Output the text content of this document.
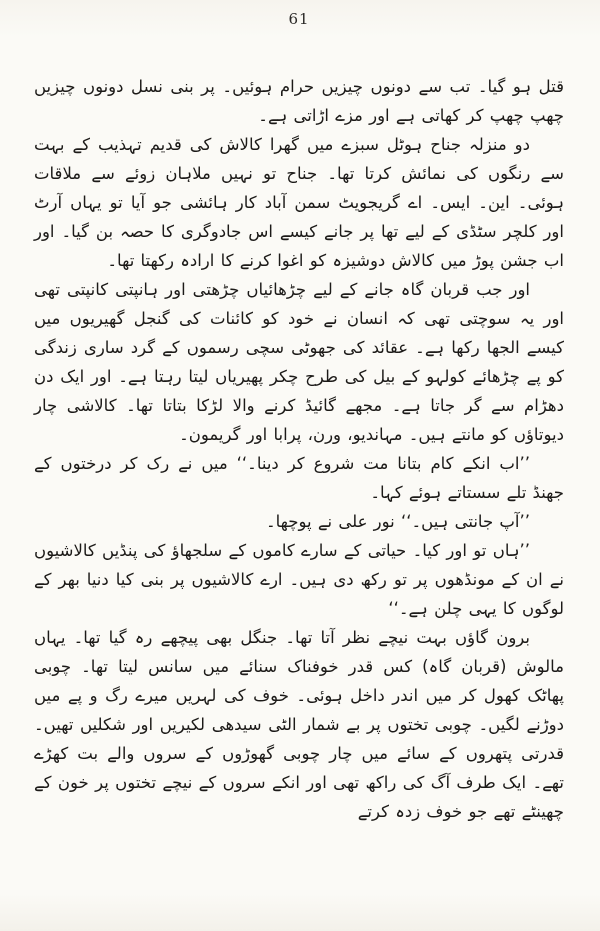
61

قتل ہو گیا۔ تب سے دونوں چیزیں حرام ہوئیں۔ پر بنی نسل دونوں چیزیں چھپ چھپ کر کھاتی ہے اور مزے اڑاتی ہے۔

دو منزلہ جناح ہوٹل سبزے میں گھرا کالاش کی قدیم تہذیب کے بہت سے رنگوں کی نمائش کرتا تھا۔ جناح تو نہیں ملاہان زوئے سے ملاقات ہوئی۔ این۔ ایس۔ اے گریجویٹ سمن آباد کار ہائشی جو آیا تو یہاں آرٹ اور کلچر سٹڈی کے لیے تھا پر جانے کیسے اس جادوگری کا حصہ بن گیا۔ اور اب جشن پوڑ میں کالاش دوشیزہ کو اغوا کرنے کا ارادہ رکھتا تھا۔

اور جب قربان گاہ جانے کے لیے چڑھائیاں چڑھتی اور ہانپتی کانپتی تھی اور یہ سوچتی تھی کہ انسان نے خود کو کائنات کی گنجل گھیریوں میں کیسے الجھا رکھا ہے۔ عقائد کی جھوٹی سچی رسموں کے گرد ساری زندگی کو پے چڑھائے کولہو کے بیل کی طرح چکر پھیریاں لیتا رہتا ہے۔ اور ایک دن دھڑام سے گر جاتا ہے۔ مجھے گائیڈ کرنے والا لڑکا بتاتا تھا۔ کالاشی چار دیوتاؤں کو مانتے ہیں۔ مہاندیو، ورن، پرابا اور گریمون۔

’’اب انکے کام بتانا مت شروع کر دینا۔‘‘ میں نے رک کر درختوں کے جھنڈ تلے سستاتے ہوئے کہا۔

’’آپ جانتی ہیں۔‘‘ نور علی نے پوچھا۔

’’ہاں تو اور کیا۔ حیاتی کے سارے کاموں کے سلجھاؤ کی پنڈیں کالاشیوں نے ان کے مونڈھوں پر تو رکھ دی ہیں۔ ارے کالاشیوں پر بنی کیا دنیا بھر کے لوگوں کا یہی چلن ہے۔‘‘

برون گاؤں بہت نیچے نظر آتا تھا۔ جنگل بھی پیچھے رہ گیا تھا۔ یہاں مالوش (قربان گاہ) کس قدر خوفناک سنائے میں سانس لیتا تھا۔ چوبی پھاٹک کھول کر میں اندر داخل ہوئی۔ خوف کی لہریں میرے رگ و پے میں دوڑنے لگیں۔ چوبی تختوں پر بے شمار الٹی سیدھی لکیریں اور شکلیں تھیں۔ قدرتی پتھروں کے سائے میں چار چوبی گھوڑوں کے سروں والے بت کھڑے تھے۔ ایک طرف آگ کی راکھ تھی اور انکے سروں کے نیچے تختوں پر خون کے چھینٹے تھے جو خوف زدہ کرتے
